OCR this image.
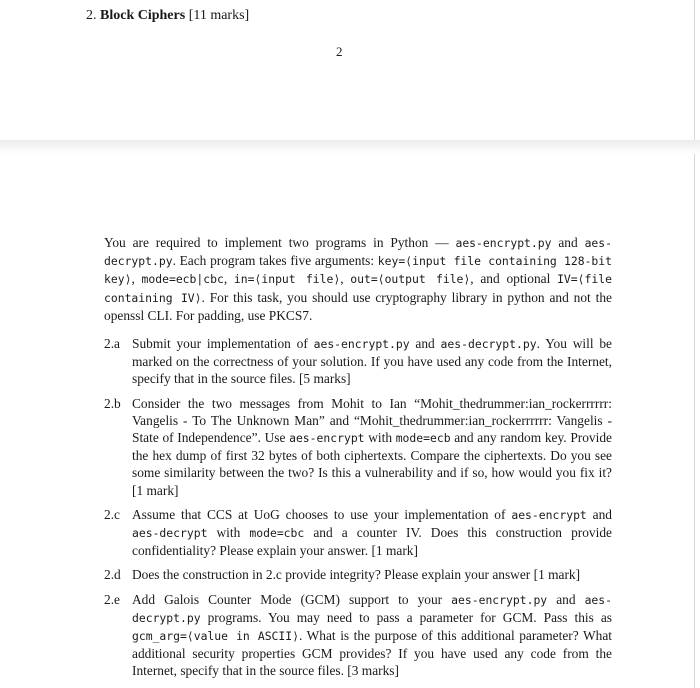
2. Block Ciphers [11 marks]
2

You are required to implement two programs in Python — aes-encrypt.py and aes-decrypt.py. Each program takes five arguments: key=⟨input file containing 128-bit key⟩, mode=ecb|cbc, in=⟨input file⟩, out=⟨output file⟩, and optional IV=⟨file containing IV⟩. For this task, you should use cryptography library in python and not the openssl CLI. For padding, use PKCS7.

2.a Submit your implementation of aes-encrypt.py and aes-decrypt.py. You will be marked on the correctness of your solution. If you have used any code from the Internet, specify that in the source files. [5 marks]
2.b Consider the two messages from Mohit to Ian “Mohit_thedrummer:ian_rockerrrrrr: Vangelis - To The Unknown Man” and “Mohit_thedrummer:ian_rockerrrrrr: Vangelis - State of Independence”. Use aes-encrypt with mode=ecb and any random key. Provide the hex dump of first 32 bytes of both ciphertexts. Compare the ciphertexts. Do you see some similarity between the two? Is this a vulnerability and if so, how would you fix it? [1 mark]
2.c Assume that CCS at UoG chooses to use your implementation of aes-encrypt and aes-decrypt with mode=cbc and a counter IV. Does this construction provide confidentiality? Please explain your answer. [1 mark]
2.d Does the construction in 2.c provide integrity? Please explain your answer [1 mark]
2.e Add Galois Counter Mode (GCM) support to your aes-encrypt.py and aes-decrypt.py programs. You may need to pass a parameter for GCM. Pass this as gcm_arg=⟨value in ASCII⟩. What is the purpose of this additional parameter? What additional security properties GCM provides? If you have used any code from the Internet, specify that in the source files. [3 marks]
